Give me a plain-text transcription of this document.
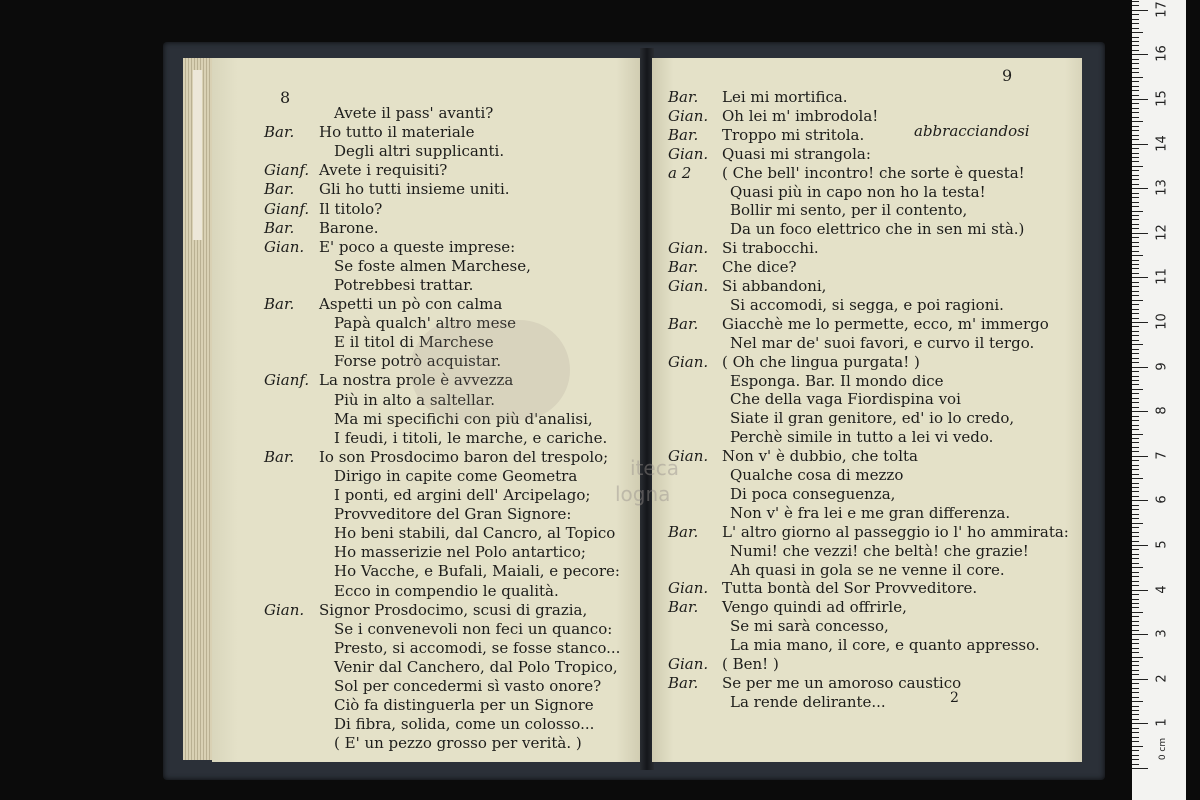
8
Avete il pass' avanti?
Bar. Ho tutto il materiale
Degli altri supplicanti.
Gianf. Avete i requisiti?
Bar. Gli ho tutti insieme uniti.
Gianf. Il titolo?
Bar. Barone.
Gian. E' poco a queste imprese:
Se foste almen Marchese,
Potrebbesi trattar.
Bar. Aspetti un pò con calma
Papà qualch' altro mese
E il titol di Marchese
Forse potrò acquistar.
Gianf. La nostra prole è avvezza
Più in alto a saltellar.
Ma mi specifichi con più d'analisi,
I feudi, i titoli, le marche, e cariche.
Bar. Io son Prosdocimo baron del trespolo;
Dirigo in capite come Geometra
I ponti, ed argini dell' Arcipelago;
Provveditore del Gran Signore:
Ho beni stabili, dal Cancro, al Topico
Ho masserizie nel Polo antartico;
Ho Vacche, e Bufali, Maiali, e pecore:
Ecco in compendio le qualità.
Gian. Signor Prosdocimo, scusi di grazia,
Se i convenevoli non feci un quanco:
Presto, si accomodi, se fosse stanco...
Venir dal Canchero, dal Polo Tropico,
Sol per concedermi sì vasto onore?
Ciò fa distinguerla per un Signore
Di fibra, solida, come un colosso...
( E' un pezzo grosso per verità. )
9
abbracciandosi
2
Bar. Lei mi mortifica.
Gian. Oh lei m' imbrodola!
Bar. Troppo mi stritola.
Gian. Quasi mi strangola:
a 2 ( Che bell' incontro! che sorte è questa!
Quasi più in capo non ho la testa!
Bollir mi sento, per il contento,
Da un foco elettrico che in sen mi stà.)
Gian. Si trabocchi.
Bar. Che dice?
Gian. Si abbandoni,
Si accomodi, si segga, e poi ragioni.
Bar. Giacchè me lo permette, ecco, m' immergo
Nel mar de' suoi favori, e curvo il tergo.
Gian. ( Oh che lingua purgata! )
Esponga. Bar. Il mondo dice
Che della vaga Fiordispina voi
Siate il gran genitore, ed' io lo credo,
Perchè simile in tutto a lei vi vedo.
Gian. Non v' è dubbio, che tolta
Qualche cosa di mezzo
Di poca conseguenza,
Non v' è fra lei e me gran differenza.
Bar. L' altro giorno al passeggio io l' ho ammirata:
Numi! che vezzi! che beltà! che grazie!
Ah quasi in gola se ne venne il core.
Gian. Tutta bontà del Sor Provveditore.
Bar. Vengo quindi ad offrirle,
Se mi sarà concesso,
La mia mano, il core, e quanto appresso.
Gian. ( Ben! )
Bar. Se per me un amoroso caustico
La rende delirante...
iteca
logna
0 cm
1
2
3
4
5
6
7
8
9
10
11
12
13
14
15
16
17
